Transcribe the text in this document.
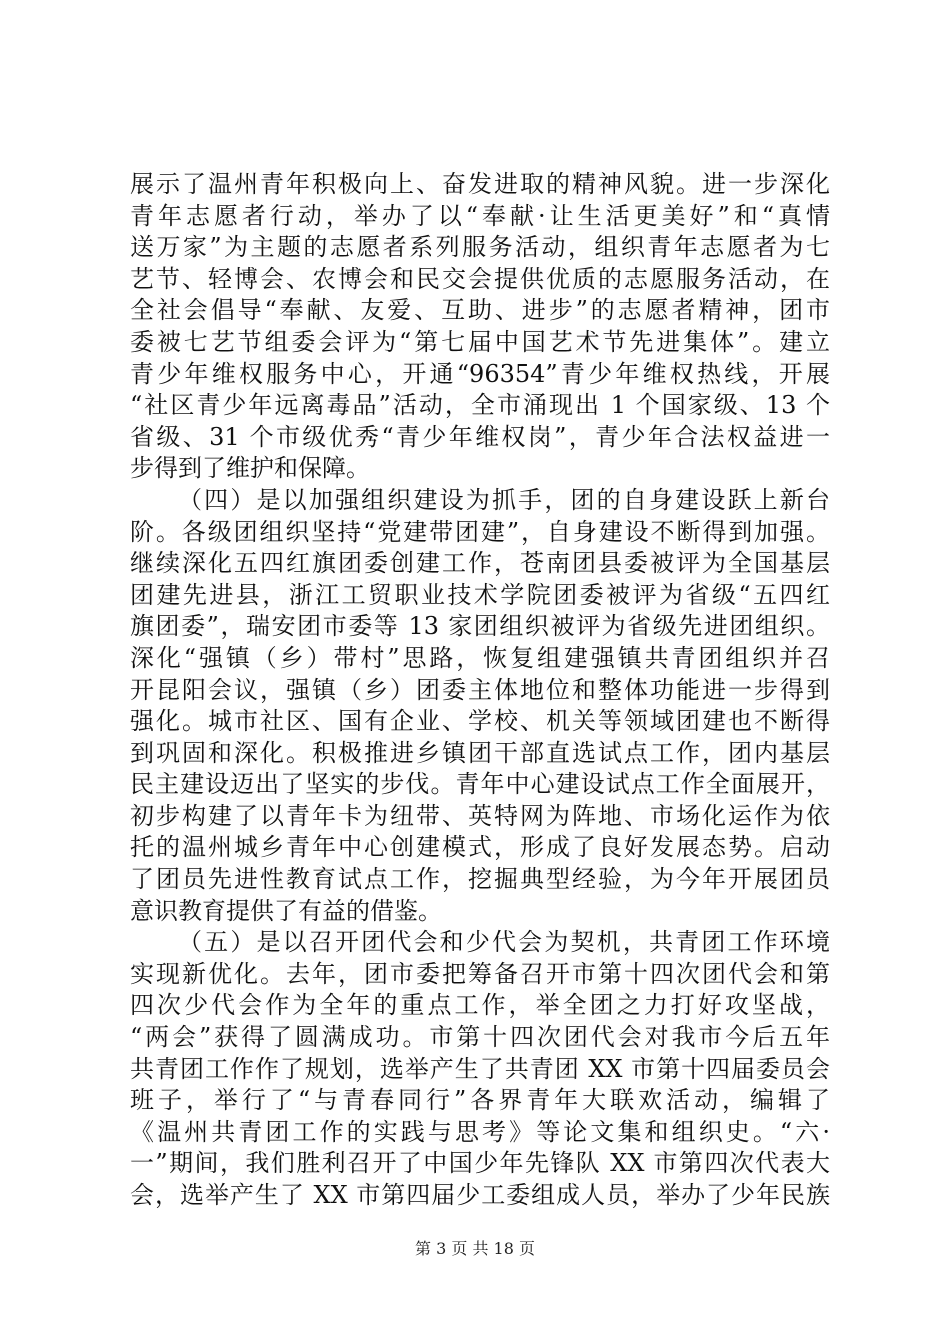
展示了温州青年积极向上、奋发进取的精神风貌。进一步深化
青年志愿者行动，举办了以“奉献·让生活更美好”和“真情
送万家”为主题的志愿者系列服务活动，组织青年志愿者为七
艺节、轻博会、农博会和民交会提供优质的志愿服务活动，在
全社会倡导“奉献、友爱、互助、进步”的志愿者精神，团市
委被七艺节组委会评为“第七届中国艺术节先进集体”。建立
青少年维权服务中心，开通“96354”青少年维权热线，开展
“社区青少年远离毒品”活动，全市涌现出 1 个国家级、13 个
省级、31 个市级优秀“青少年维权岗”，青少年合法权益进一
步得到了维护和保障。
（四）是以加强组织建设为抓手，团的自身建设跃上新台
阶。各级团组织坚持“党建带团建”，自身建设不断得到加强。
继续深化五四红旗团委创建工作，苍南团县委被评为全国基层
团建先进县，浙江工贸职业技术学院团委被评为省级“五四红
旗团委”，瑞安团市委等 13 家团组织被评为省级先进团组织。
深化“强镇（乡）带村”思路，恢复组建强镇共青团组织并召
开昆阳会议，强镇（乡）团委主体地位和整体功能进一步得到
强化。城市社区、国有企业、学校、机关等领域团建也不断得
到巩固和深化。积极推进乡镇团干部直选试点工作，团内基层
民主建设迈出了坚实的步伐。青年中心建设试点工作全面展开，
初步构建了以青年卡为纽带、英特网为阵地、市场化运作为依
托的温州城乡青年中心创建模式，形成了良好发展态势。启动
了团员先进性教育试点工作，挖掘典型经验，为今年开展团员
意识教育提供了有益的借鉴。
（五）是以召开团代会和少代会为契机，共青团工作环境
实现新优化。去年，团市委把筹备召开市第十四次团代会和第
四次少代会作为全年的重点工作，举全团之力打好攻坚战，
“两会”获得了圆满成功。市第十四次团代会对我市今后五年
共青团工作作了规划，选举产生了共青团 XX 市第十四届委员会
班子，举行了“与青春同行”各界青年大联欢活动，编辑了
《温州共青团工作的实践与思考》等论文集和组织史。“六·
一”期间，我们胜利召开了中国少年先锋队 XX 市第四次代表大
会，选举产生了 XX 市第四届少工委组成人员，举办了少年民族
第 3 页 共 18 页
